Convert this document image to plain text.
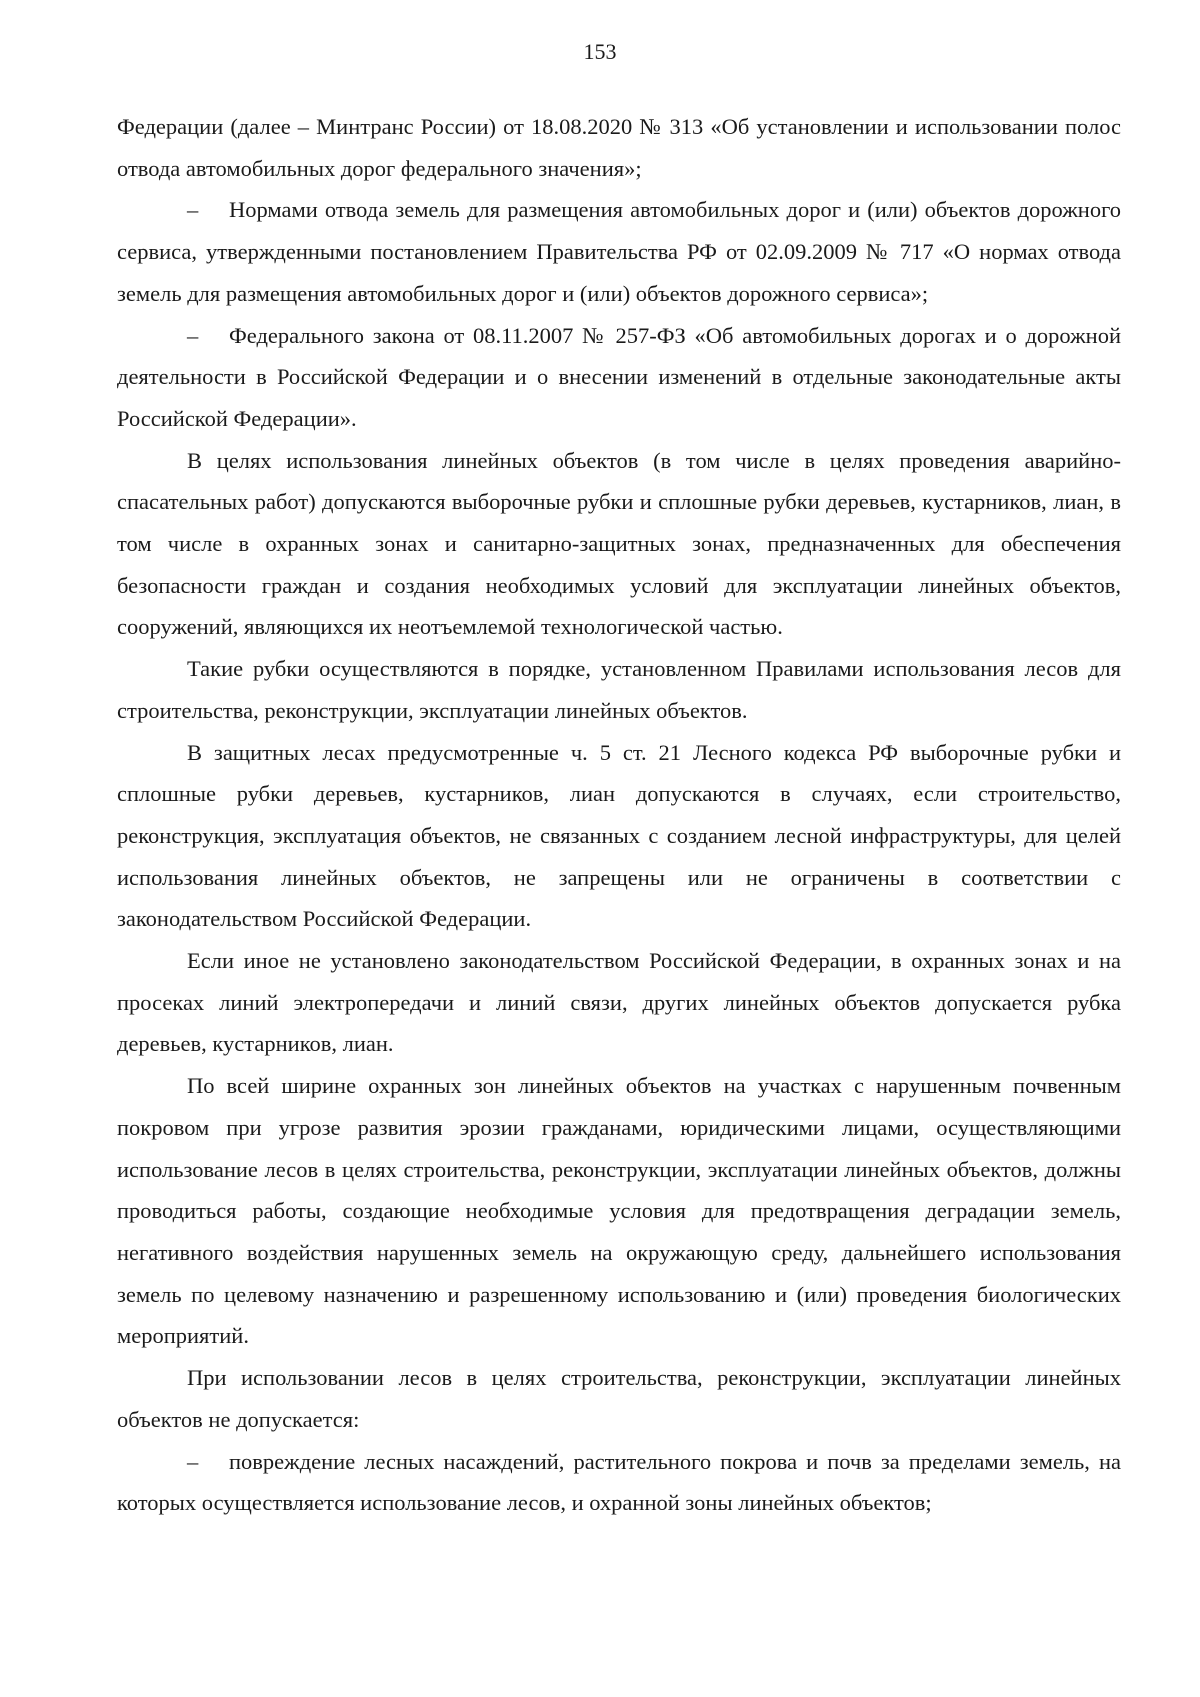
153

Федерации (далее – Минтранс России) от 18.08.2020 № 313 «Об установлении и использовании полос отвода автомобильных дорог федерального значения»;

– Нормами отвода земель для размещения автомобильных дорог и (или) объектов дорожного сервиса, утвержденными постановлением Правительства РФ от 02.09.2009 № 717 «О нормах отвода земель для размещения автомобильных дорог и (или) объектов дорожного сервиса»;

– Федерального закона от 08.11.2007 № 257-ФЗ «Об автомобильных дорогах и о дорожной деятельности в Российской Федерации и о внесении изменений в отдельные законодательные акты Российской Федерации».

В целях использования линейных объектов (в том числе в целях проведения аварийно-спасательных работ) допускаются выборочные рубки и сплошные рубки деревьев, кустарников, лиан, в том числе в охранных зонах и санитарно-защитных зонах, предназначенных для обеспечения безопасности граждан и создания необходимых условий для эксплуатации линейных объектов, сооружений, являющихся их неотъемлемой технологической частью.

Такие рубки осуществляются в порядке, установленном Правилами использования лесов для строительства, реконструкции, эксплуатации линейных объектов.

В защитных лесах предусмотренные ч. 5 ст. 21 Лесного кодекса РФ выборочные рубки и сплошные рубки деревьев, кустарников, лиан допускаются в случаях, если строительство, реконструкция, эксплуатация объектов, не связанных с созданием лесной инфраструктуры, для целей использования линейных объектов, не запрещены или не ограничены в соответствии с законодательством Российской Федерации.

Если иное не установлено законодательством Российской Федерации, в охранных зонах и на просеках линий электропередачи и линий связи, других линейных объектов допускается рубка деревьев, кустарников, лиан.

По всей ширине охранных зон линейных объектов на участках с нарушенным почвенным покровом при угрозе развития эрозии гражданами, юридическими лицами, осуществляющими использование лесов в целях строительства, реконструкции, эксплуатации линейных объектов, должны проводиться работы, создающие необходимые условия для предотвращения деградации земель, негативного воздействия нарушенных земель на окружающую среду, дальнейшего использования земель по целевому назначению и разрешенному использованию и (или) проведения биологических мероприятий.

При использовании лесов в целях строительства, реконструкции, эксплуатации линейных объектов не допускается:

– повреждение лесных насаждений, растительного покрова и почв за пределами земель, на которых осуществляется использование лесов, и охранной зоны линейных объектов;
